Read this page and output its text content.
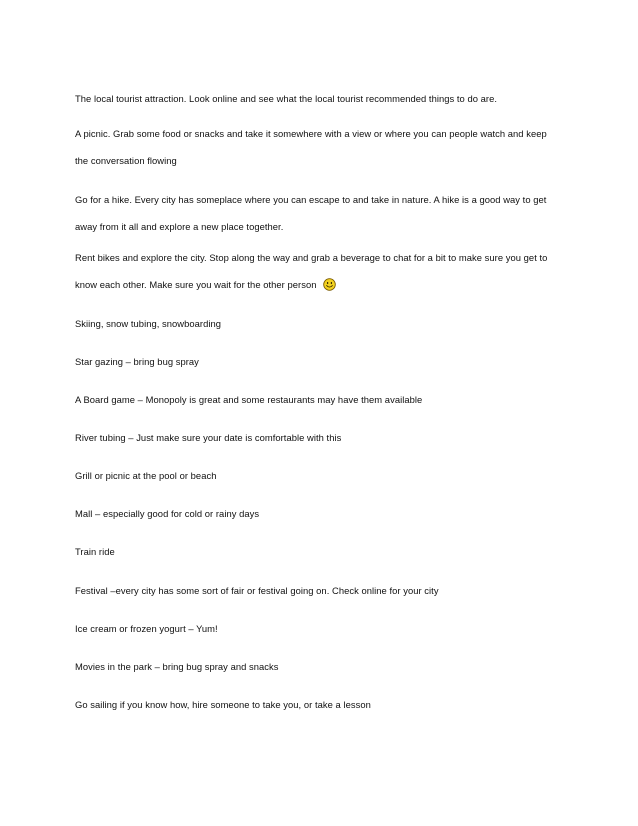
The local tourist attraction. Look online and see what the local tourist recommended things to do are.

A picnic. Grab some food or snacks and take it somewhere with a view or where you can people watch and keep
the conversation flowing

Go for a hike. Every city has someplace where you can escape to and take in nature. A hike is a good way to get
away from it all and explore a new place together.

Rent bikes and explore the city. Stop along the way and grab a beverage to chat for a bit to make sure you get to
know each other. Make sure you wait for the other person

Skiing, snow tubing, snowboarding

Star gazing – bring bug spray

A Board game – Monopoly is great and some restaurants may have them available

River tubing – Just make sure your date is comfortable with this

Grill or picnic at the pool or beach

Mall – especially good for cold or rainy days

Train ride

Festival –every city has some sort of fair or festival going on. Check online for your city

Ice cream or frozen yogurt – Yum!

Movies in the park – bring bug spray and snacks

Go sailing if you know how, hire someone to take you, or take a lesson
